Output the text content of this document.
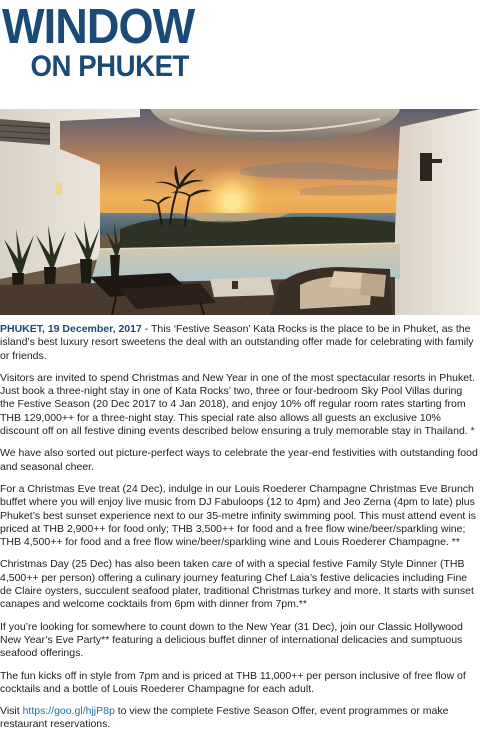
WINDOW
ON PHUKET

PHUKET, 19 December, 2017 - This ‘Festive Season’ Kata Rocks is the place to be in Phuket, as the island’s best luxury resort sweetens the deal with an outstanding offer made for celebrating with family or friends.

Visitors are invited to spend Christmas and New Year in one of the most spectacular resorts in Phuket. Just book a three-night stay in one of Kata Rocks’ two, three or four-bedroom Sky Pool Villas during the Festive Season (20 Dec 2017 to 4 Jan 2018), and enjoy 10% off regular room rates starting from THB 129,000++ for a three-night stay. This special rate also allows all guests an exclusive 10% discount off on all festive dining events described below ensuring a truly memorable stay in Thailand. *

We have also sorted out picture-perfect ways to celebrate the year-end festivities with outstanding food and seasonal cheer.

For a Christmas Eve treat (24 Dec), indulge in our Louis Roederer Champagne Christmas Eve Brunch buffet where you will enjoy live music from DJ Fabuloops (12 to 4pm) and Jeo Zerna (4pm to late) plus Phuket’s best sunset experience next to our 35-metre infinity swimming pool. This must attend event is priced at THB 2,900++ for food only; THB 3,500++ for food and a free flow wine/beer/sparkling wine; THB 4,500++ for food and a free flow wine/beer/sparkling wine and Louis Roederer Champagne. **

Christmas Day (25 Dec) has also been taken care of with a special festive Family Style Dinner (THB 4,500++ per person) offering a culinary journey featuring Chef Laia’s festive delicacies including Fine de Claire oysters, succulent seafood plater, traditional Christmas turkey and more. It starts with sunset canapes and welcome cocktails from 6pm with dinner from 7pm.**

If you’re looking for somewhere to count down to the New Year (31 Dec), join our Classic Hollywood New Year’s Eve Party** featuring a delicious buffet dinner of international delicacies and sumptuous seafood offerings.

The fun kicks off in style from 7pm and is priced at THB 11,000++ per person inclusive of free flow of cocktails and a bottle of Louis Roederer Champagne for each adult.

Visit https://goo.gl/hjjP8p to view the complete Festive Season Offer, event programmes or make restaurant reservations.
